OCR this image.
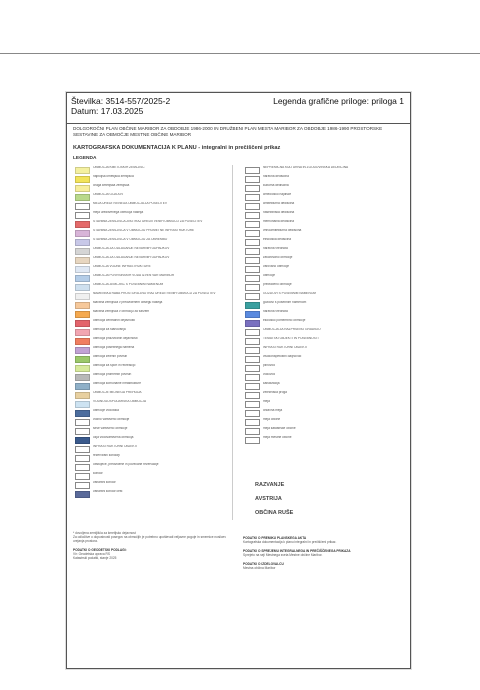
Številka: 3514-557/2025-2
Datum: 17.03.2025
Legenda grafične priloge: priloga 1
DOLGOROČNI PLAN OBČINE MARIBOR ZA OBDOBJE 1986-2000 IN DRUŽBENI PLAN MESTA MARIBOR ZA OBDOBJE 1986-1990 PROSTORSKE SESTAVINE ZA OBMOČJE MESTNE OBČINE MARIBOR
KARTOGRAFSKA DOKUMENTACIJA K PLANU - integralni in prečiščeni prikaz
LEGENDA
OBMOČJA KMETIJSKIH ZEMLJIŠČ
najboljša kmetijska zemljišča
druga kmetijska zemljišča
OBMOČJA GOZDOV
MEJA UREDITVENEGA OBMOČJA ZA POSELITEV
meja ureditvenega območja naselja
STAVBNA ZEMLJIŠČA ZNOTRAJ UREDITVENIH OBMOČIJ ZA POSELITEV
STAVBNA ZEMLJIŠČA V OBMOČJU PROMETNE INFRASTRUKTURE
STAVBNA ZEMLJIŠČA V OBMOČJU ZA OBREMBO
OBMOČJA ZA ODLAGANJE NEVARNIH ODPADKOV
OBMOČJA ZA ODLAGANJE NEVARNIH ODPADKOV
OBMOČJA VODNE INFRASTRUKTURE
OBMOČJA POVRŠINSKIH VODA IZVEN VAR MARIBOR
OBMOČJA ZEMLJIŠČ S POSEBNIM NAMENOM
NAMENSKA RABA PROSTORA ZNOTRAJ UREDITVENIH OBMOČIJ ZA POSELITEV
stavbna zemljišča v predvidenem obsegu naselja
stavbna zemljišča v območju za turizem
območja centralnih dejavnosti
območja za stanovanja
območja proizvodnih dejavnosti
območja posebnega namena
območja zelenih površin
območja za šport in rekreacijo
območja prometnih površin
območja komunalne infrastrukture
OBMOČJE MEJNEGA PREHODA
VODNOGOSPODARSKA OBMOČJA
območje vodotoka
vodno varstveno območje
širše varstveno območje
ožja vodovarstvena območja
INFRASTRUKTURNI OBJEKTI
rezervirani koridorji
obstoječe, predvidene in povečane rezervacije
koridor
variantni koridor
variantni koridor cest
NEPREMIČNA KULTURNA IN ZGODOVINSKA DEDIŠČINA
naravna dediščina
kulturna dediščina
arheološko najdišče
arhitekturna dediščina
naselbinska dediščina
memorialna dediščina
vrtnoarhitekturna dediščina
etnološka dediščina
naravna vrednota
zavarovano območje
varovano območje
območje
predvideno območje
GOZDOVI S POSEBNIM NAMENOM
gozdovi s posebnim namenom
naravna vrednota
ekološko pomembno območje
OBMOČJA ZA RAZPRŠENO GRADNJO
TEMATSKI OBJEKTI IN POSEBNOSTI
INFRASTRUKTURNI OBJEKTI
visokonapetostni daljnovod
plinovod
vodovod
kanalizacija
železniška proga
meja
državna meja
meja občine
meja katastrske občine
meja mestne občine
RAZVANJE
AVSTRIJA
OBČINA RUŠE
* dovoljena zemljišča za kmetijsko dejavnost
Za odločitve o dopustnosti posegov na območjih je potrebno upoštevati veljavne pogoje in smernice nosilcev urejanja prostora.
PODATKI O GEODETSKI PODLAGI:
Vir: Geodetska uprava RS
Katastrski podatki, stanje 2025
PODATKI O PREMIKU PLANSKEGA AKTA
Kartografska dokumentacija k planu integralni in prečiščeni prikaz.
PODATKI O SPREJEMU INTEGRALNEGA IN PREČIŠČENEGA PRIKAZA
Sprejeto na seji Mestnega sveta Mestne občine Maribor.
PODATKI O IZDELOVALCU
Mestna občina Maribor
